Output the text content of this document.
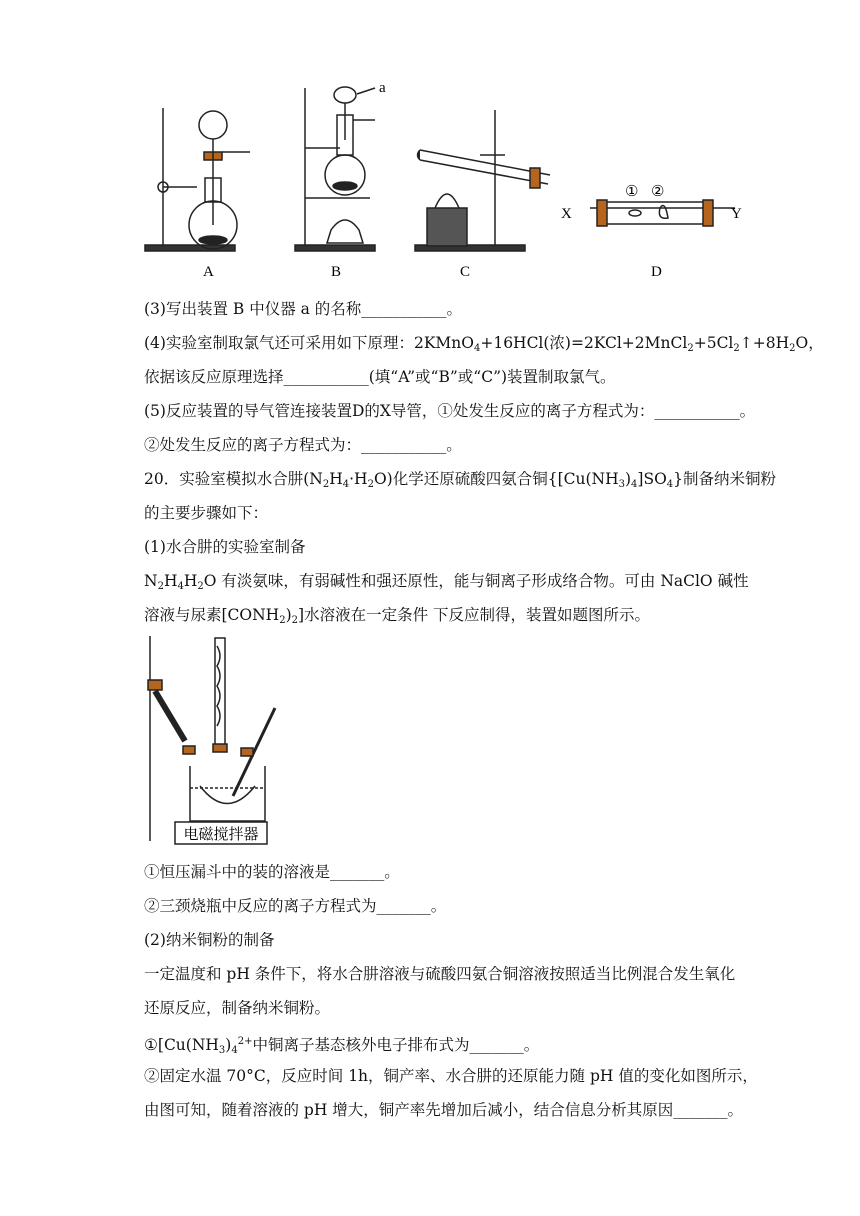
a
X	Y
① ②
A	B	C	D
(3)写出装置 B 中仪器 a 的名称___________。
(4)实验室制取氯气还可采用如下原理：2KMnO$_4$+16HCl(浓)$=2KCl+2MnCl_2+5Cl_2↑+8H_2O$，
依据该反应原理选择___________(填“A”或“B”或“C”)装置制取氯气。
(5)反应装置的导气管连接装置D的X导管，①处发生反应的离子方程式为：___________。
②处发生反应的离子方程式为：___________。
20．实验室模拟水合肼$(N_2H_4\cdot H_2O)$化学还原硫酸四氨合铜$\{[Cu(NH_3)_4]SO_4\}$制备纳米铜粉
的主要步骤如下：
(1)水合肼的实验室制备
$N_2H_4H_2O$ 有淡氨味，有弱碱性和强还原性，能与铜离子形成络合物。可由 NaClO 碱性
溶液与尿素$[CONH_2)_2$]水溶液在一定条件 下反应制得，装置如题图所示。
电磁搅拌器
①恒压漏斗中的装的溶液是_______。
②三颈烧瓶中反应的离子方程式为_______。
(2)纳米铜粉的制备
一定温度和 pH 条件下，将水合肼溶液与硫酸四氨合铜溶液按照适当比例混合发生氧化
还原反应，制备纳米铜粉。
$①[Cu(NH_3)_4^{2+}$中铜离子基态核外电子排布式为_______。
②固定水温 70°C，反应时间 1h，铜产率、水合肼的还原能力随 pH 值的变化如图所示，
由图可知，随着溶液的 pH 增大，铜产率先增加后减小，结合信息分析其原因_______。
